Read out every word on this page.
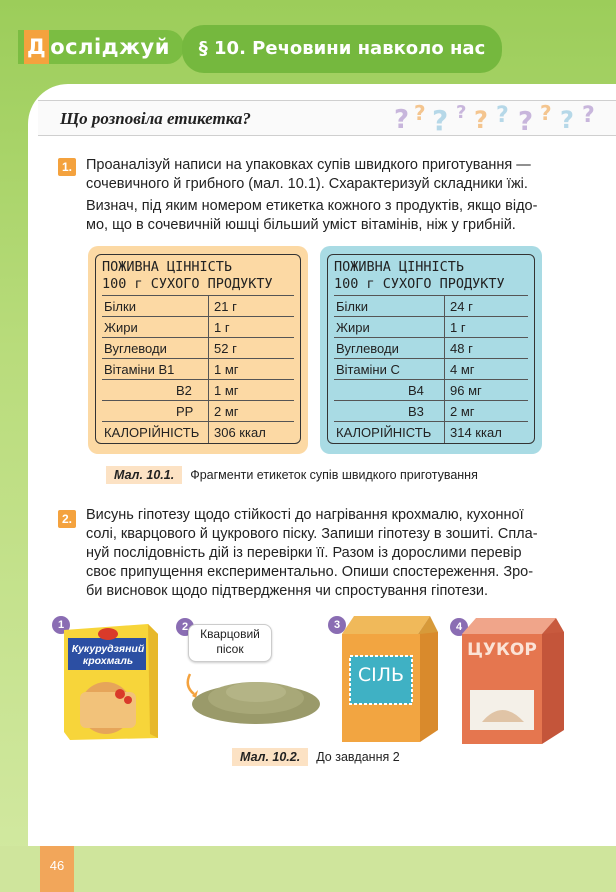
46
Д осліджуй	§ 10. Речовини навколо нас
Що розповіла етикетка?	? ? ? ? ? ? ? ? ? ?
1. Проаналізуй написи на упаковках супів швидкого приготування —
сочевичного й грибного (мал. 10.1). Схарактеризуй складники їжі.
Визнач, під яким номером етикетка кожного з продуктів, якщо відо-
мо, що в сочевичній юшці більший уміст вітамінів, ніж у грибній.
ПОЖИВНА ЦІННІСТЬ
100 г СУХОГО ПРОДУКТУ
Білки	21 г
Жири	1 г
Вуглеводи	52 г
Вітаміни В1	1 мг
В2 1 мг
РР 2 мг
КАЛОРІЙНІСТЬ 306 ккал
ПОЖИВНА ЦІННІСТЬ
100 г СУХОГО ПРОДУКТУ
Білки	24 г
Жири	1 г
Вуглеводи	48 г
Вітаміни С	4 мг
В4 96 мг
В3 2 мг
КАЛОРІЙНІСТЬ 314 ккал
Мал. 10.1. Фрагменти етикеток супів швидкого приготування
2. Висунь гіпотезу щодо стійкості до нагрівання крохмалю, кухонної
солі, кварцового й цукрового піску. Запиши гіпотезу в зошиті. Спла-
нуй послідовність дій із перевірки її. Разом із дорослими перевір
своє припущення експериментально. Опиши спостереження. Зро-
би висновок щодо підтвердження чи спростування гіпотези.
1
Кукурудзяний
крохмаль
2	Кварцовий
пісок
3
СІЛЬ
4
ЦУКОР
Мал. 10.2. До завдання 2
